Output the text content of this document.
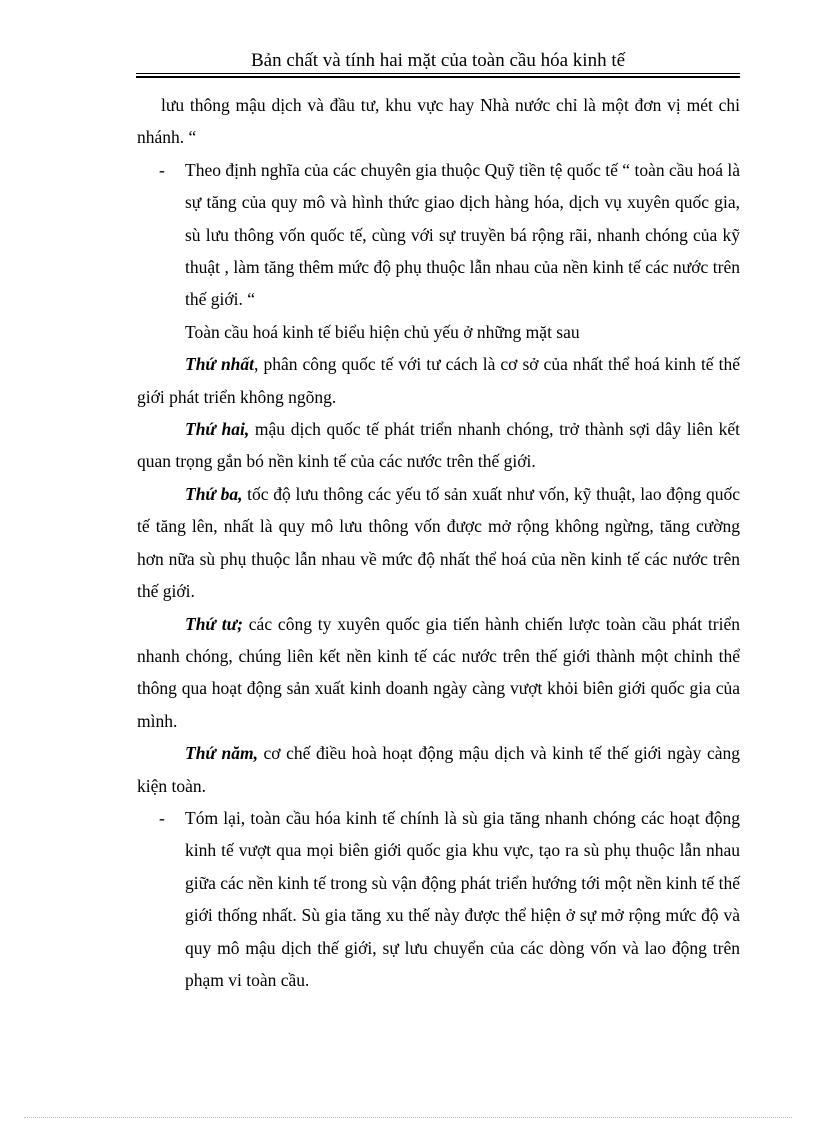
Bản chất và tính hai mặt của toàn cầu hóa kinh tế

lưu thông mậu dịch và đầu tư, khu vực hay Nhà nước chỉ là một đơn vị mét chi nhánh. “

- Theo định nghĩa của các chuyên gia thuộc Quỹ tiền tệ quốc tế “ toàn cầu hoá là sự tăng của quy mô và hình thức giao dịch hàng hóa, dịch vụ xuyên quốc gia, sù lưu thông vốn quốc tế, cùng với sự truyền bá rộng rãi, nhanh chóng của kỹ thuật , làm tăng thêm mức độ phụ thuộc lẫn nhau của nền kinh tế các nước trên thế giới. “

Toàn cầu hoá kinh tế biểu hiện chủ yếu ở những mặt sau

Thứ nhất, phân công quốc tế với tư cách là cơ sở của nhất thể hoá kinh tế thế giới phát triển không ngõng.

Thứ hai, mậu dịch quốc tế phát triển nhanh chóng, trở thành sợi dây liên kết quan trọng gắn bó nền kinh tế của các nước trên thế giới.

Thứ ba, tốc độ lưu thông các yếu tố sản xuất như vốn, kỹ thuật, lao động quốc tế tăng lên, nhất là quy mô lưu thông vốn được mở rộng không ngừng, tăng cường hơn nữa sù phụ thuộc lẫn nhau về mức độ nhất thể hoá của nền kinh tế các nước trên thế giới.

Thứ tư; các công ty xuyên quốc gia tiến hành chiến lược toàn cầu phát triển nhanh chóng, chúng liên kết nền kinh tế các nước trên thế giới thành một chỉnh thể thông qua hoạt động sản xuất kinh doanh ngày càng vượt khỏi biên giới quốc gia của mình.

Thứ năm, cơ chế điều hoà hoạt động mậu dịch và kinh tế thế giới ngày càng kiện toàn.

- Tóm lại, toàn cầu hóa kinh tế chính là sù gia tăng nhanh chóng các hoạt động kinh tế vượt qua mọi biên giới quốc gia khu vực, tạo ra sù phụ thuộc lẫn nhau giữa các nền kinh tế trong sù vận động phát triển hướng tới một nền kinh tế thế giới thống nhất. Sù gia tăng xu thế này được thể hiện ở sự mở rộng mức độ và quy mô mậu dịch thế giới, sự lưu chuyển của các dòng vốn và lao động trên phạm vi toàn cầu.
